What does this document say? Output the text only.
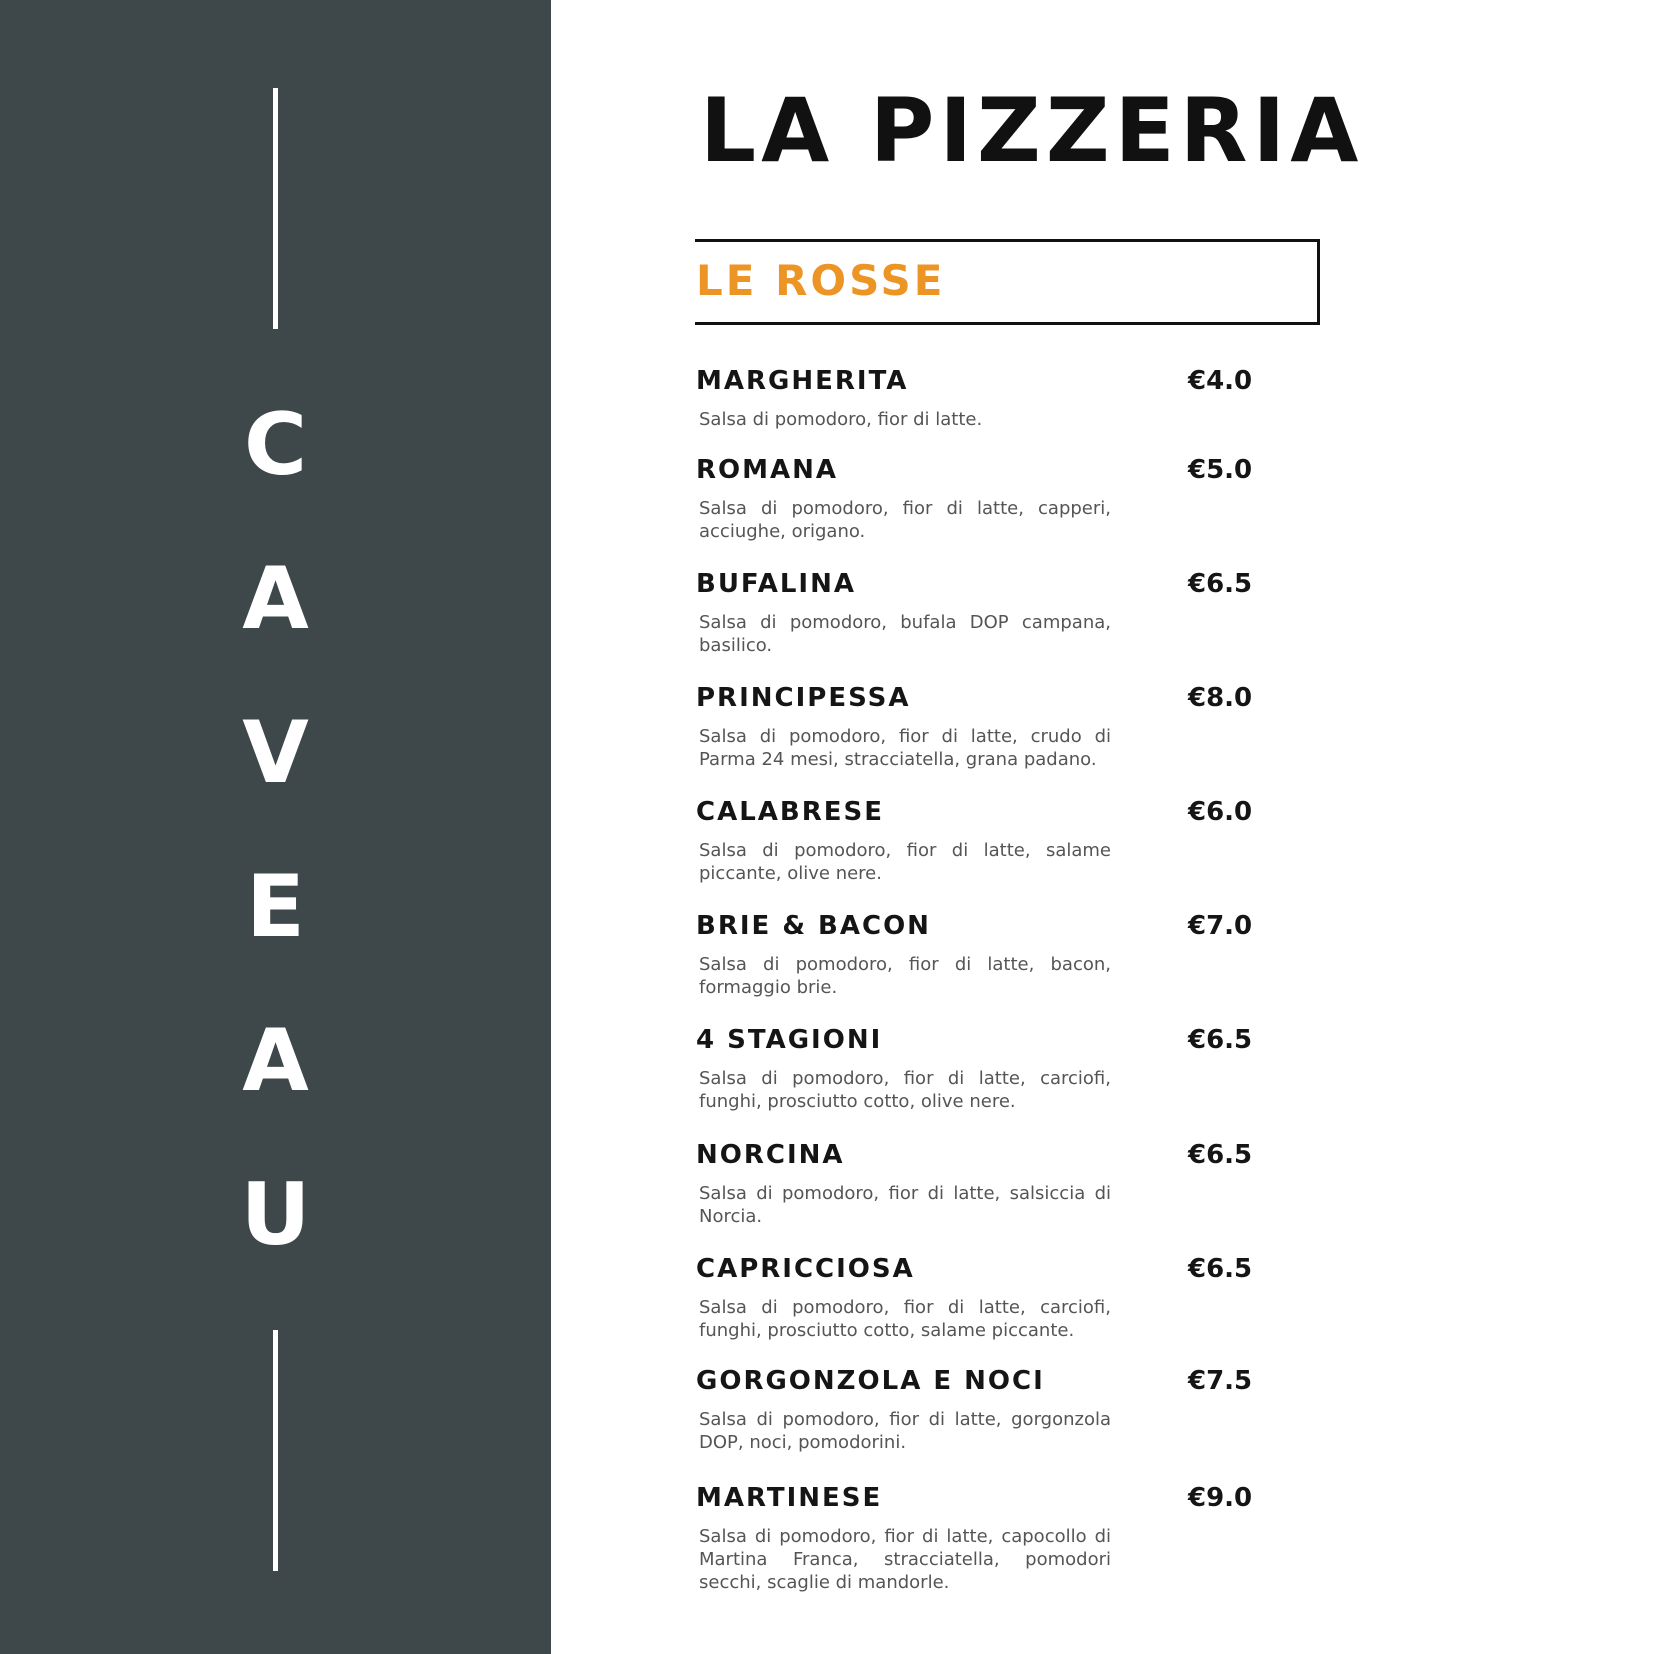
C
A
V
E
A
U
LA PIZZERIA
LE ROSSE
MARGHERITA	€4.0
Salsa di pomodoro, fior di latte.
ROMANA	€5.0
Salsa di pomodoro, fior di latte, capperi, acciughe, origano.
BUFALINA	€6.5
Salsa di pomodoro, bufala DOP campana, basilico.
PRINCIPESSA	€8.0
Salsa di pomodoro, fior di latte, crudo di Parma 24 mesi, stracciatella, grana padano.
CALABRESE	€6.0
Salsa di pomodoro, fior di latte, salame piccante, olive nere.
BRIE & BACON	€7.0
Salsa di pomodoro, fior di latte, bacon, formaggio brie.
4 STAGIONI	€6.5
Salsa di pomodoro, fior di latte, carciofi, funghi, prosciutto cotto, olive nere.
NORCINA	€6.5
Salsa di pomodoro, fior di latte, salsiccia di Norcia.
CAPRICCIOSA	€6.5
Salsa di pomodoro, fior di latte, carciofi, funghi, prosciutto cotto, salame piccante.
GORGONZOLA E NOCI	€7.5
Salsa di pomodoro, fior di latte, gorgonzola DOP, noci, pomodorini.
MARTINESE	€9.0
Salsa di pomodoro, fior di latte, capocollo di Martina Franca, stracciatella, pomodori secchi, scaglie di mandorle.
